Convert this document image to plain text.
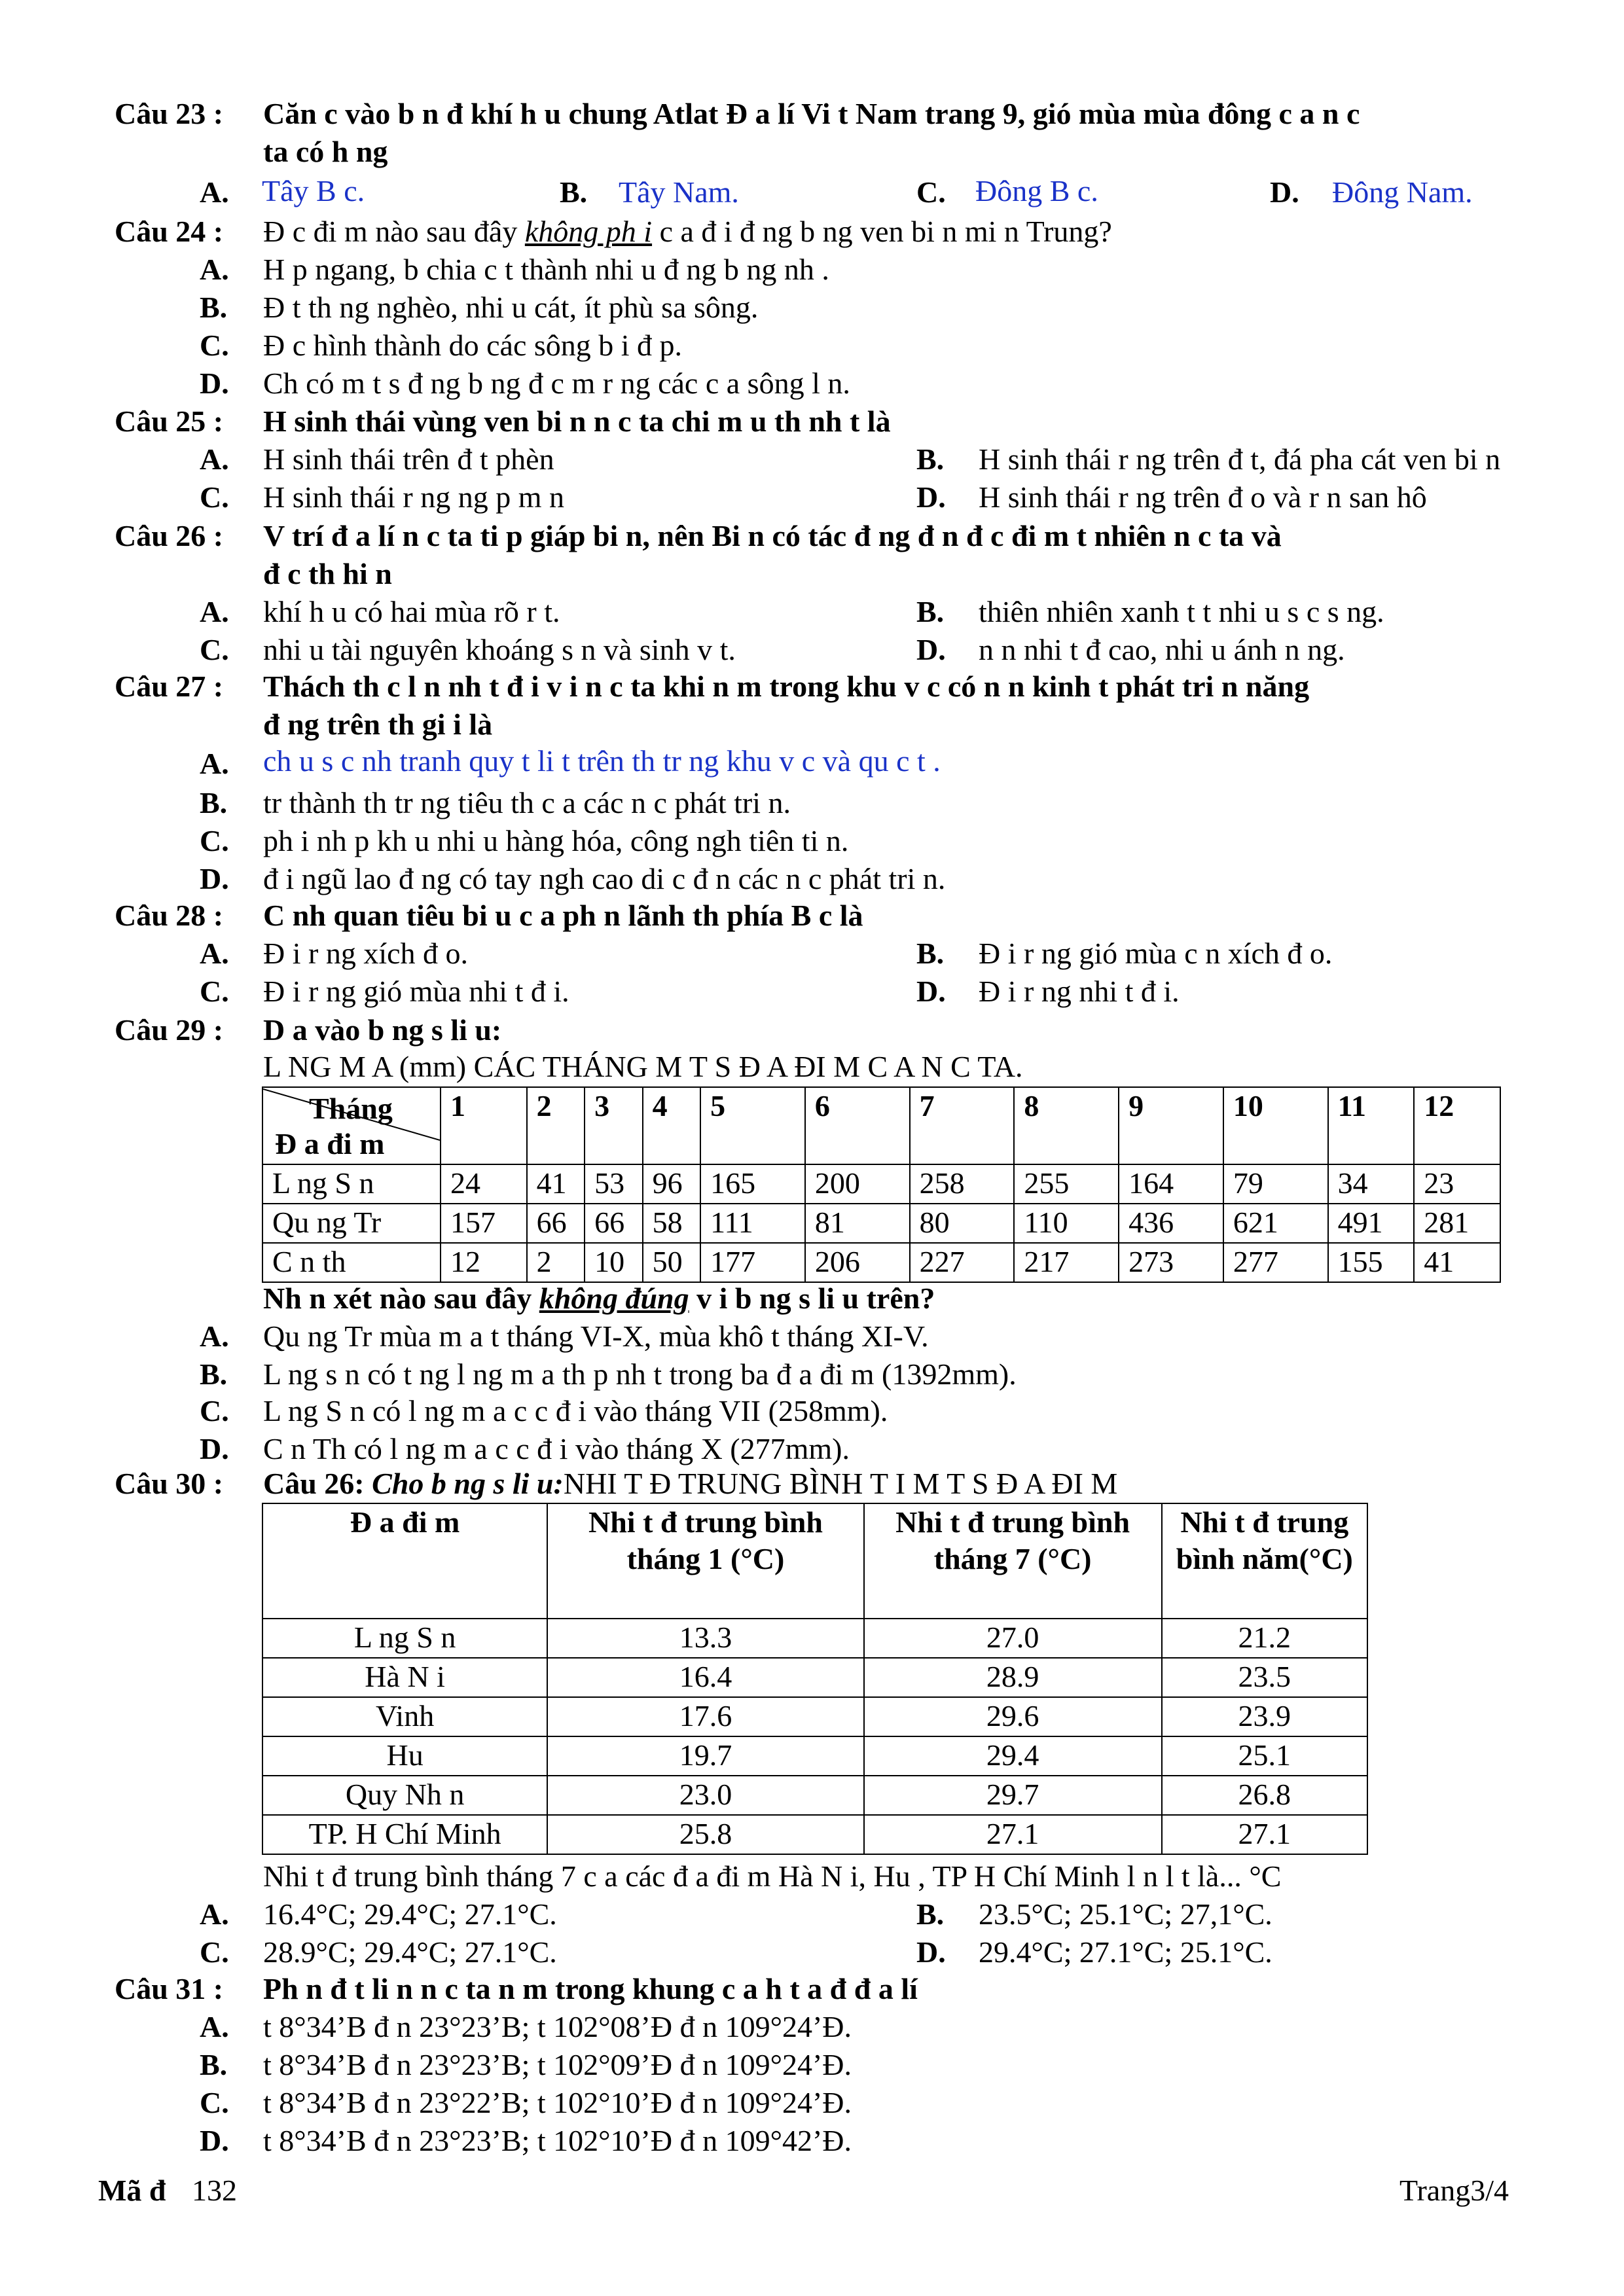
Câu 23 : Căn c vào b n đ khí h u chung Atlat Đ a lí Vi t Nam trang 9, gió mùa mùa đông c a n c
ta có h ng
A. Tây B c.	B. Tây Nam.	C. Đông B c.	D. Đông Nam.
Câu 24 : Đ c đi m nào sau đây không ph i c a đ i đ ng b ng ven bi n mi n Trung?
A. H p ngang, b chia c t thành nhi u đ ng b ng nh .
B. Đ t th ng nghèo, nhi u cát, ít phù sa sông.
C. Đ c hình thành do các sông b i đ p.
D. Ch có m t s đ ng b ng đ c m r ng các c a sông l n.
Câu 25 : H sinh thái vùng ven bi n n c ta chi m u th nh t là
A. H sinh thái trên đ t phèn	B. H sinh thái r ng trên đ t, đá pha cát ven bi n
C. H sinh thái r ng ng p m n	D. H sinh thái r ng trên đ o và r n san hô
Câu 26 : V trí đ a lí n c ta ti p giáp bi n, nên Bi n có tác đ ng đ n đ c đi m t nhiên n c ta và
đ c th hi n
A. khí h u có hai mùa rõ r t.	B. thiên nhiên xanh t t nhi u s c s ng.
C. nhi u tài nguyên khoáng s n và sinh v t.	D. n n nhi t đ cao, nhi u ánh n ng.
Câu 27 : Thách th c l n nh t đ i v i n c ta khi n m trong khu v c có n n kinh t phát tri n năng
đ ng trên th gi i là
A. ch u s c nh tranh quy t li t trên th tr ng khu v c và qu c t .
B. tr thành th tr ng tiêu th c a các n c phát tri n.
C. ph i nh p kh u nhi u hàng hóa, công ngh tiên ti n.
D. đ i ngũ lao đ ng có tay ngh cao di c đ n các n c phát tri n.
Câu 28 : C nh quan tiêu bi u c a ph n lãnh th phía B c là
A. Đ i r ng xích đ o.	B. Đ i r ng gió mùa c n xích đ o.
C. Đ i r ng gió mùa nhi t đ i.	D. Đ i r ng nhi t đ i.
Câu 29 : D a vào b ng s li u:
L NG M A (mm) CÁC THÁNG M T S Đ A ĐI M C A N C TA.
Tháng
Đ a đi m	1	2	3	4	5	6	7	8	9	10	11	12
L ng S n	24	41	53	96	165	200	258	255	164	79	34	23
Qu ng Tr	157	66	66	58	111	81	80	110	436	621	491	281
C n th	12	2	10	50	177	206	227	217	273	277	155	41
Nh n xét nào sau đây không đúng v i b ng s li u trên?
A. Qu ng Tr mùa m a t tháng VI-X, mùa khô t tháng XI-V.
B. L ng s n có t ng l ng m a th p nh t trong ba đ a đi m (1392mm).
C. L ng S n có l ng m a c c đ i vào tháng VII (258mm).
D. C n Th có l ng m a c c đ i vào tháng X (277mm).
Câu 30 : Câu 26: Cho b ng s li u:NHI T Đ TRUNG BÌNH T I M T S Đ A ĐI M
Đ a đi m	Nhi t đ trung bình tháng 1 (°C)	Nhi t đ trung bình tháng 7 (°C)	Nhi t đ trung bình năm(°C)
L ng S n	13.3	27.0	21.2
Hà N i	16.4	28.9	23.5
Vinh	17.6	29.6	23.9
Hu	19.7	29.4	25.1
Quy Nh n	23.0	29.7	26.8
TP. H Chí Minh	25.8	27.1	27.1
Nhi t đ trung bình tháng 7 c a các đ a đi m Hà N i, Hu , TP H Chí Minh l n l t là... °C
A. 16.4°C; 29.4°C; 27.1°C.	B. 23.5°C; 25.1°C; 27,1°C.
C. 28.9°C; 29.4°C; 27.1°C.	D. 29.4°C; 27.1°C; 25.1°C.
Câu 31 : Ph n đ t li n n c ta n m trong khung c a h t a đ đ a lí
A. t 8°34’B đ n 23°23’B; t 102°08’Đ đ n 109°24’Đ.
B. t 8°34’B đ n 23°23’B; t 102°09’Đ đ n 109°24’Đ.
C. t 8°34’B đ n 23°22’B; t 102°10’Đ đ n 109°24’Đ.
D. t 8°34’B đ n 23°23’B; t 102°10’Đ đ n 109°42’Đ.
Mã đ 132	Trang3/4
